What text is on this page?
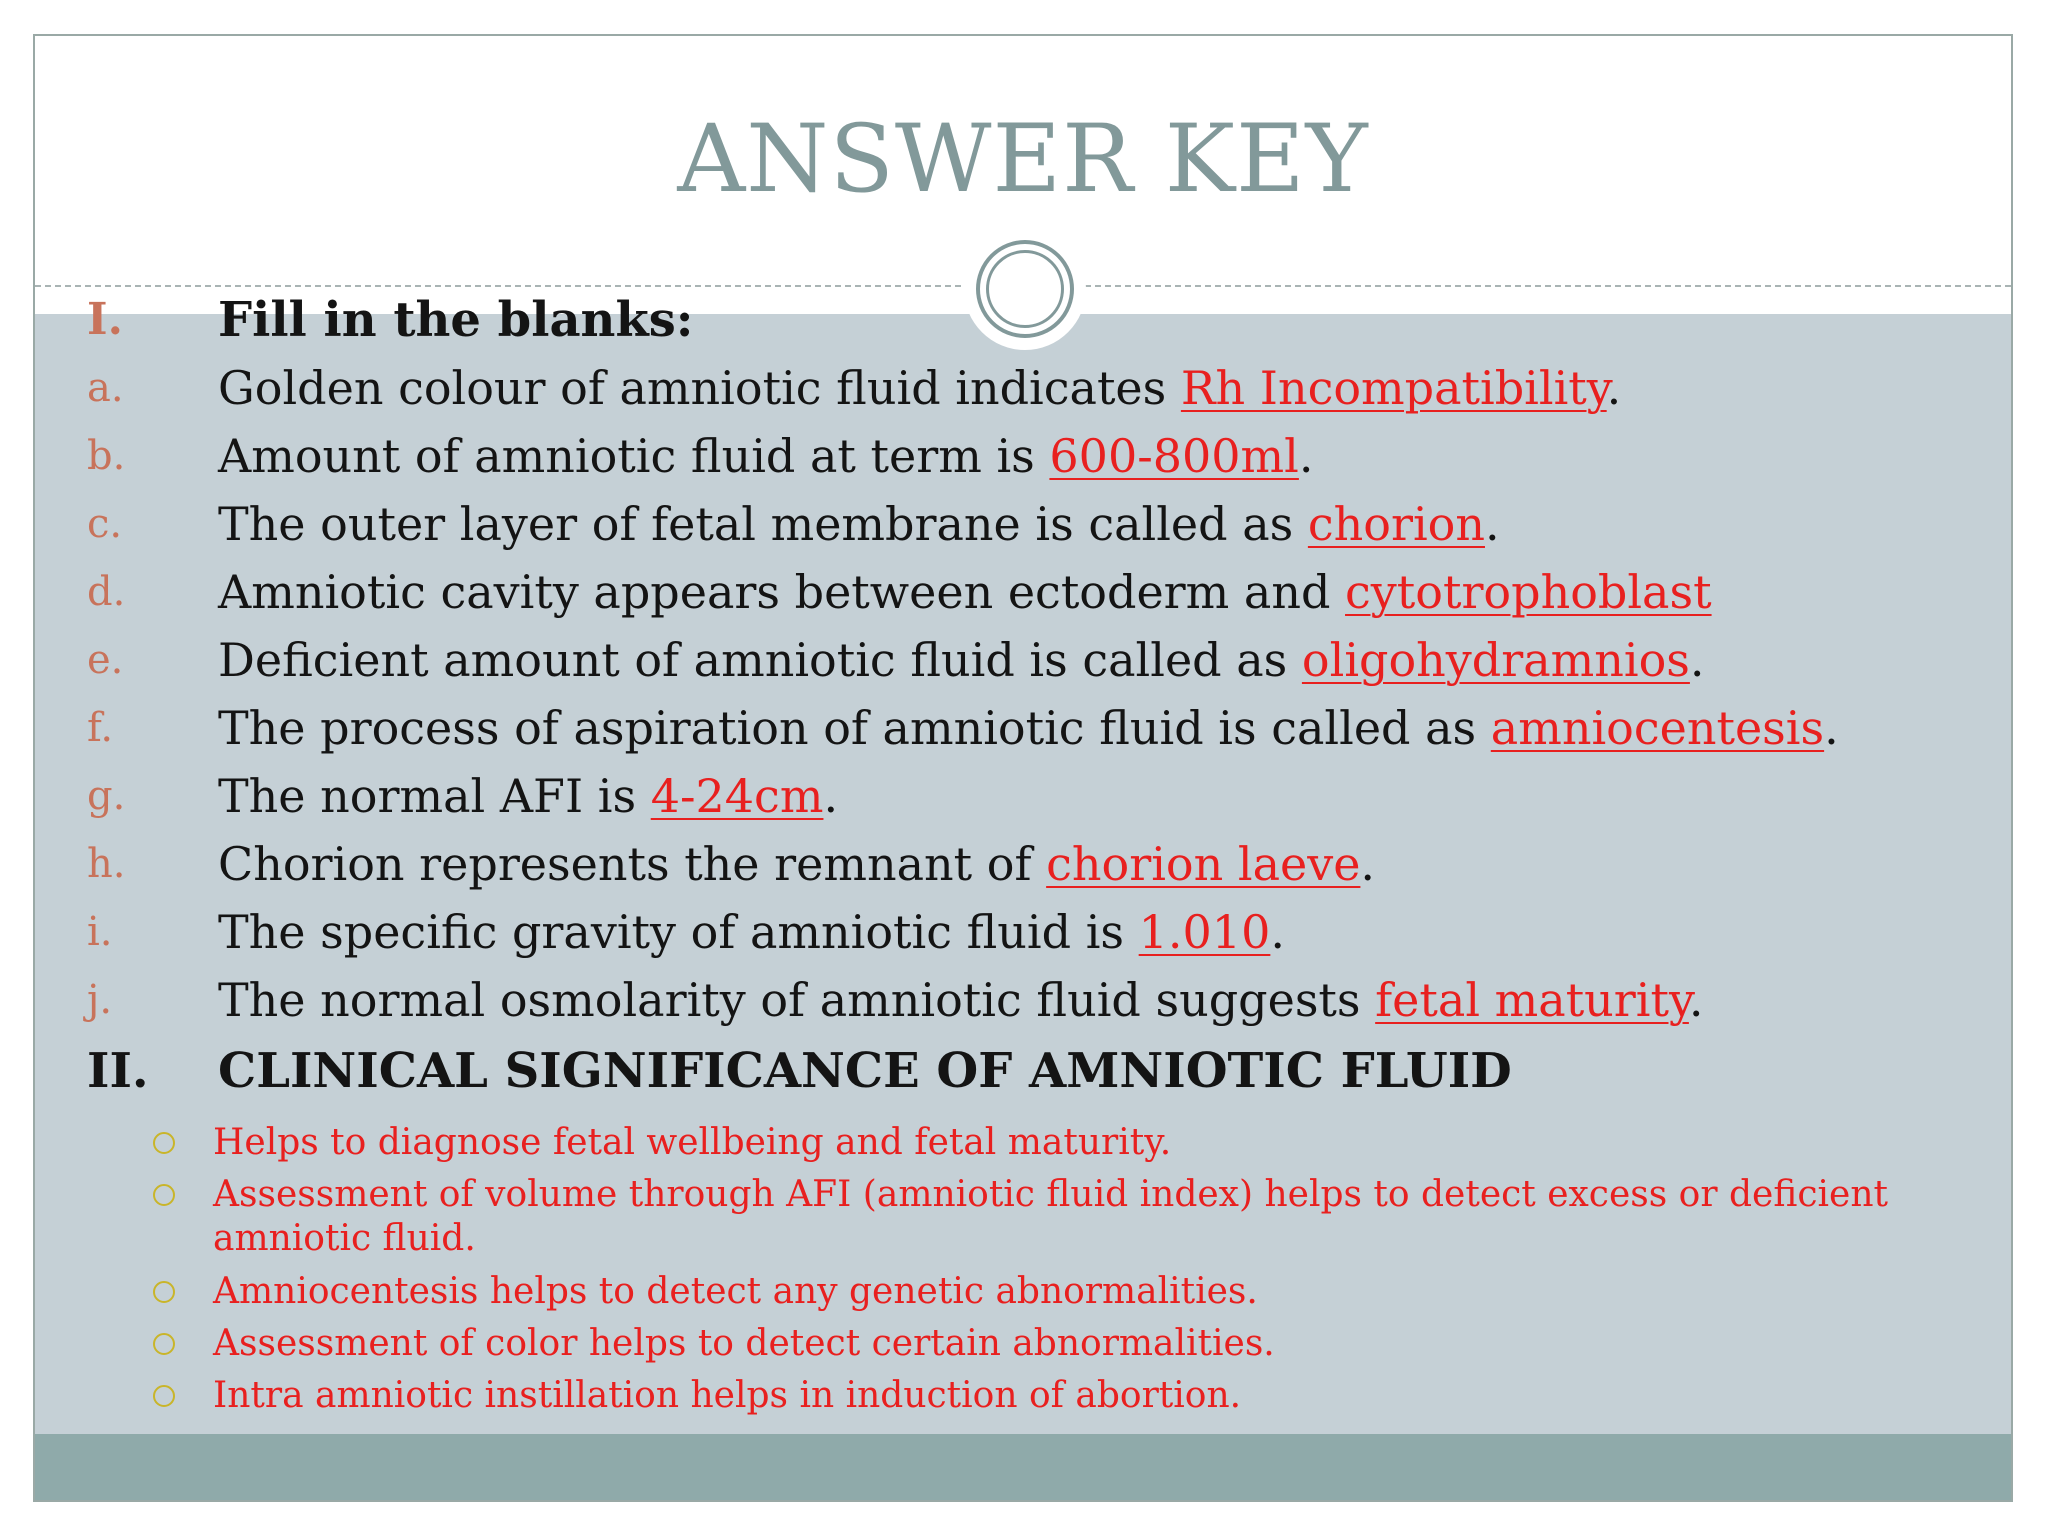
ANSWER KEY
I.	Fill in the blanks:
a.	Golden colour of amniotic fluid indicates Rh Incompatibility.
b.	Amount of amniotic fluid at term is 600-800ml.
c.	The outer layer of fetal membrane is called as chorion.
d.	Amniotic cavity appears between ectoderm and cytotrophoblast
e.	Deficient amount of amniotic fluid is called as oligohydramnios.
f.	The process of aspiration of amniotic fluid is called as amniocentesis.
g.	The normal AFI is 4-24cm.
h.	Chorion represents the remnant of chorion laeve.
i.	The specific gravity of amniotic fluid is 1.010.
j.	The normal osmolarity of amniotic fluid suggests fetal maturity.
II.	CLINICAL SIGNIFICANCE OF AMNIOTIC FLUID
Helps to diagnose fetal wellbeing and fetal maturity.
Assessment of volume through AFI (amniotic fluid index) helps to detect excess or deficient amniotic fluid.
Amniocentesis helps to detect any genetic abnormalities.
Assessment of color helps to detect certain abnormalities.
Intra amniotic instillation helps in induction of abortion.
